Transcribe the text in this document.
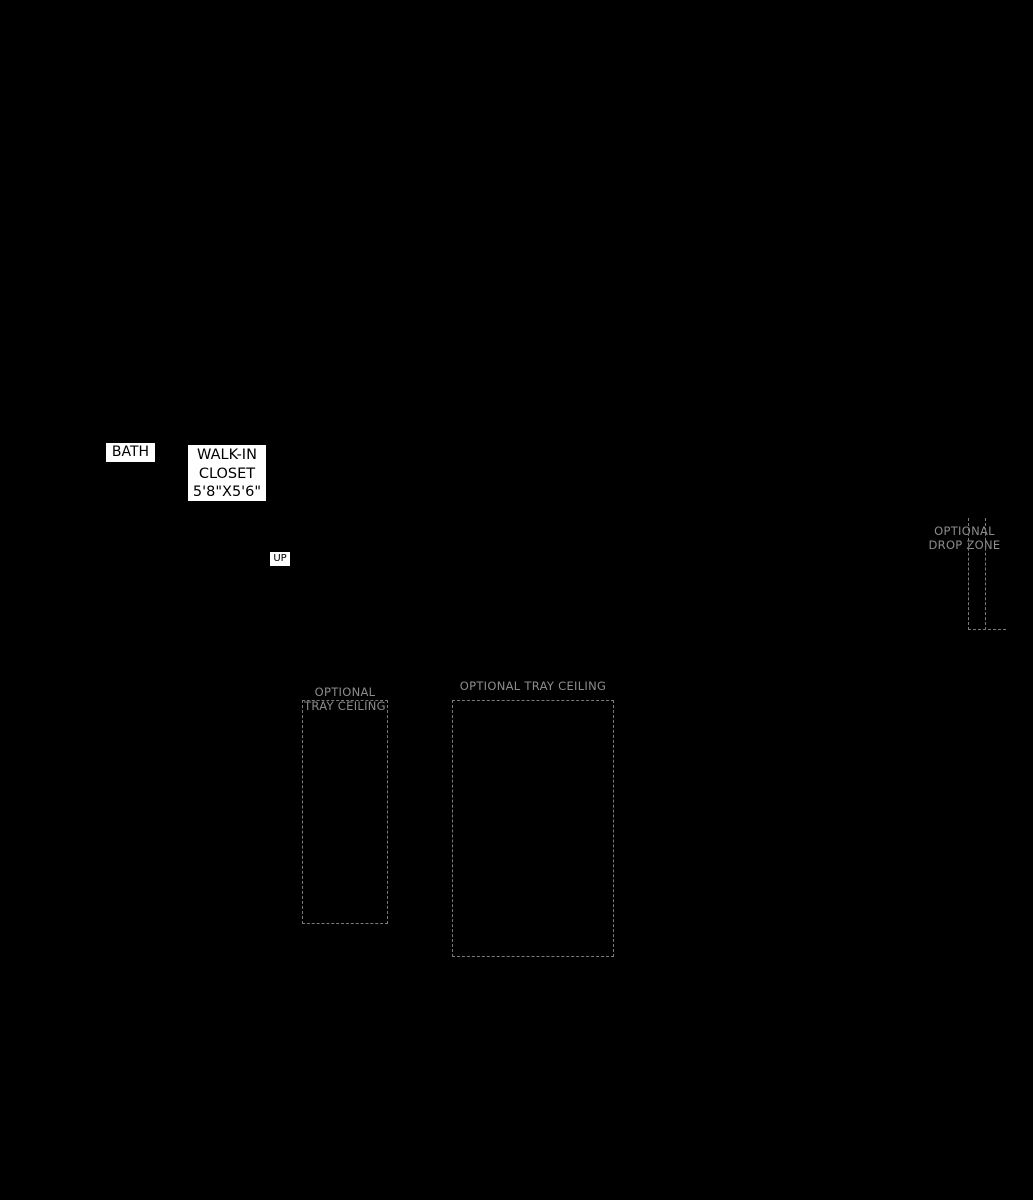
BATH	WALK-IN
CLOSET
5'8"X5'6"
UP
OPTIONAL
DROP ZONE
OPTIONAL
TRAY CEILING
OPTIONAL TRAY CEILING
